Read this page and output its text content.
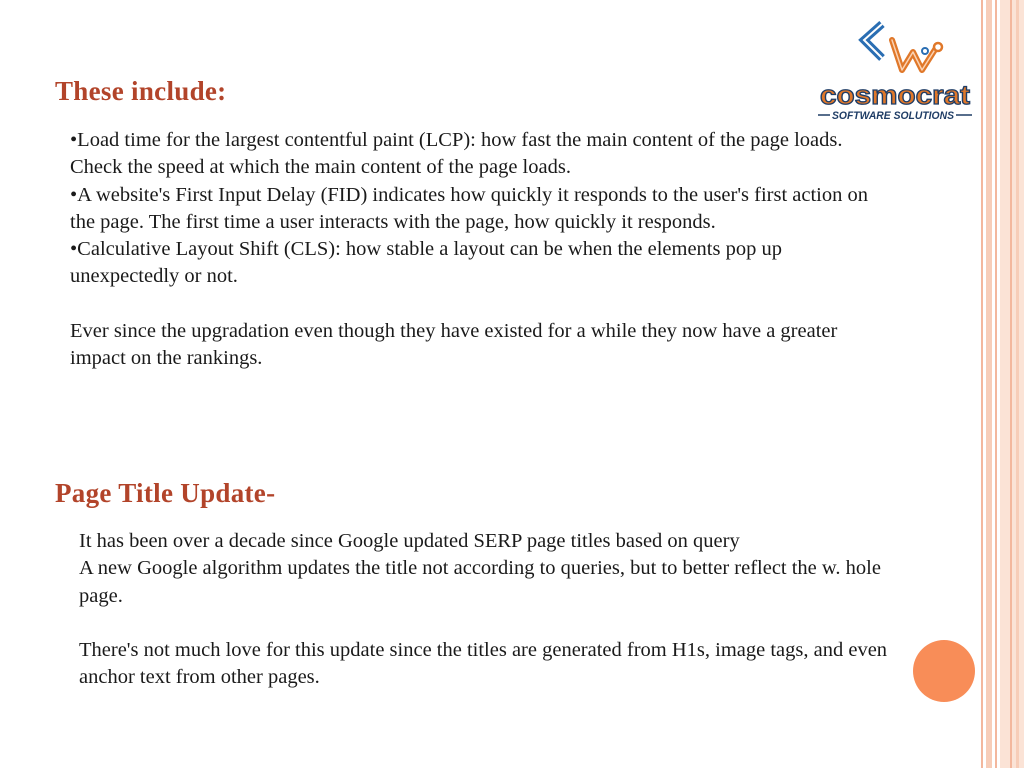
cosmocrat
SOFTWARE SOLUTIONS
These include:

•Load time for the largest contentful paint (LCP): how fast the main content of the page loads. Check the speed at which the main content of the page loads.

•A website's First Input Delay (FID) indicates how quickly it responds to the user's first action on the page. The first time a user interacts with the page, how quickly it responds.

•Calculative Layout Shift (CLS): how stable a layout can be when the elements pop up unexpectedly or not.

Ever since the upgradation even though they have existed for a while they now have a greater impact on the rankings.

Page Title Update-

It has been over a decade since Google updated SERP page titles based on query

A new Google algorithm updates the title not according to queries, but to better reflect the w. hole page.

There's not much love for this update since the titles are generated from H1s, image tags, and even anchor text from other pages.
